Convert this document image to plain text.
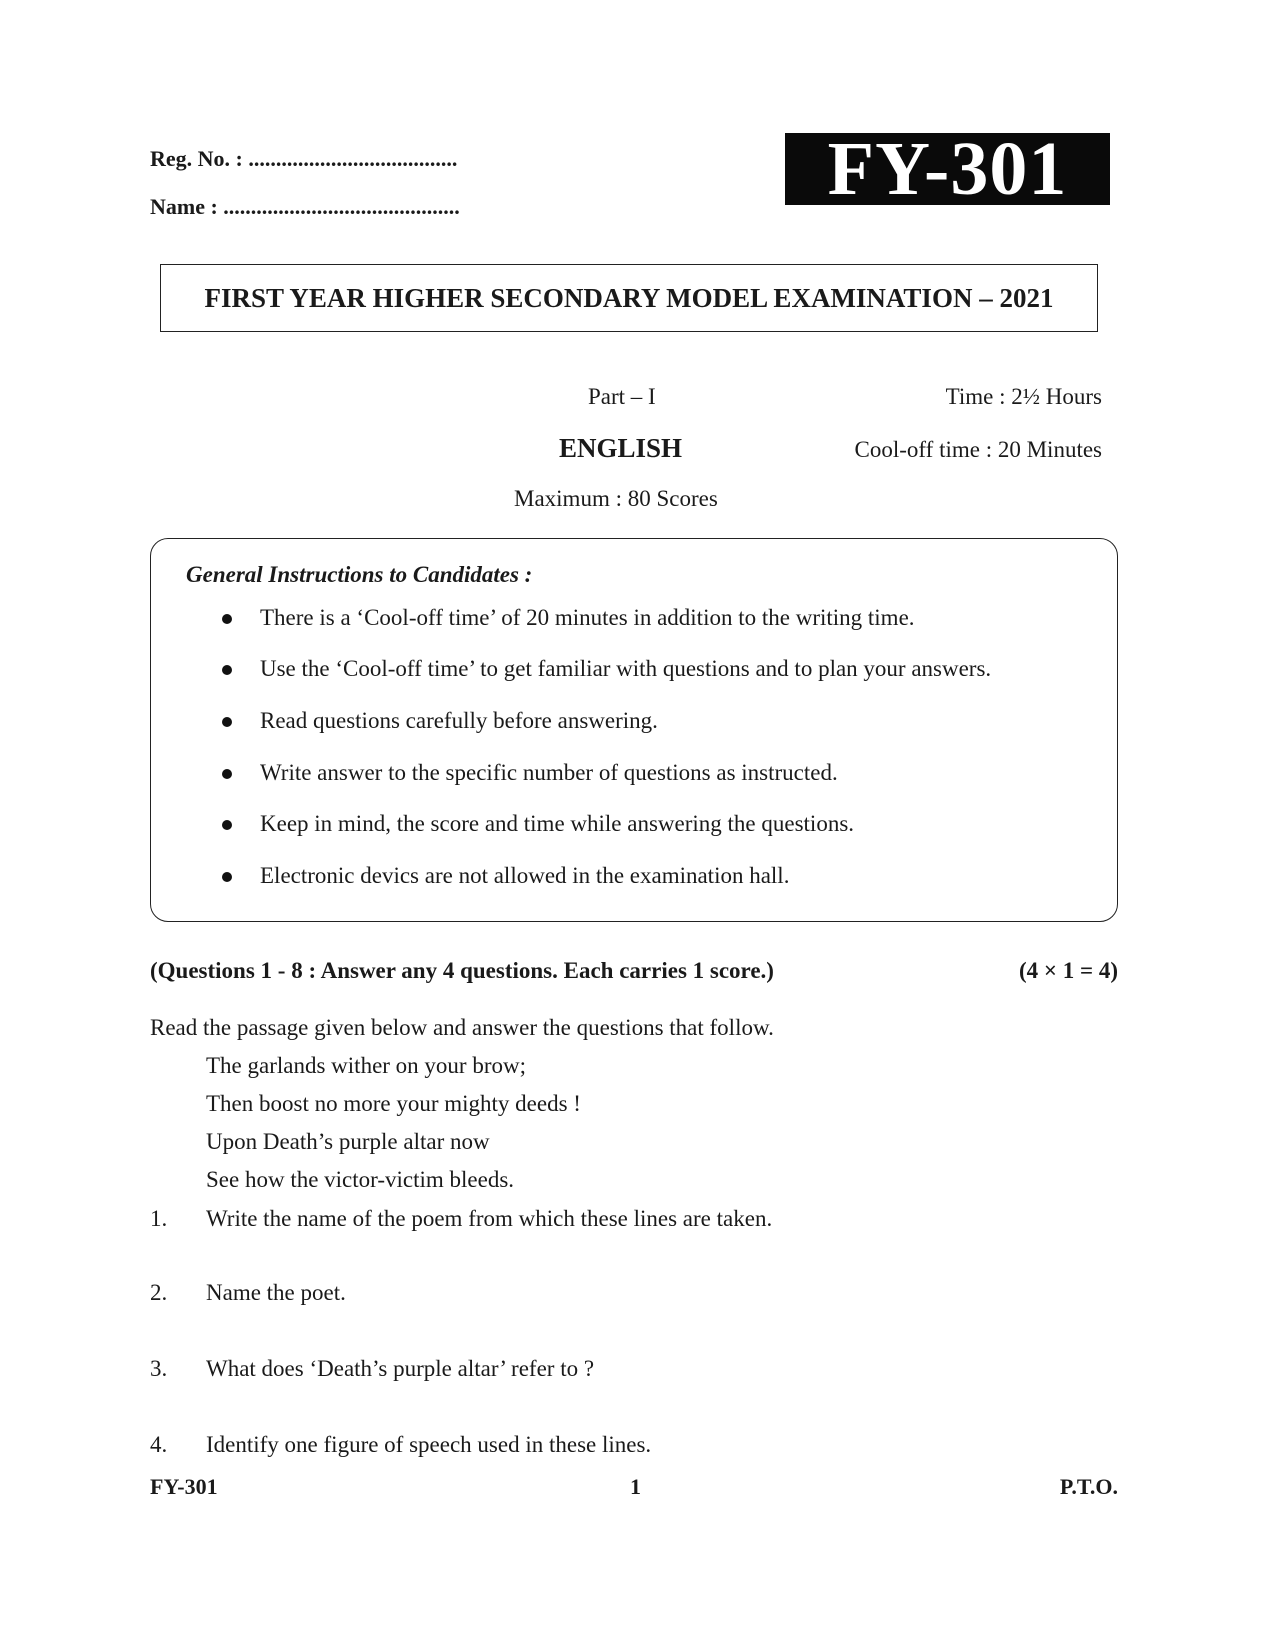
Reg. No. : ......................................
Name : ...........................................	FY-301
FIRST YEAR HIGHER SECONDARY MODEL EXAMINATION – 2021
Part – I
ENGLISH
Maximum : 80 Scores
Time : 2½ Hours
Cool-off time : 20 Minutes
General Instructions to Candidates :
There is a ‘Cool-off time’ of 20 minutes in addition to the writing time.
Use the ‘Cool-off time’ to get familiar with questions and to plan your answers.
Read questions carefully before answering.
Write answer to the specific number of questions as instructed.
Keep in mind, the score and time while answering the questions.
Electronic devics are not allowed in the examination hall.
(Questions 1 - 8 : Answer any 4 questions. Each carries 1 score.)	(4 × 1 = 4)
Read the passage given below and answer the questions that follow.
The garlands wither on your brow;
Then boost no more your mighty deeds !
Upon Death’s purple altar now
See how the victor-victim bleeds.
1. Write the name of the poem from which these lines are taken.
2. Name the poet.
3. What does ‘Death’s purple altar’ refer to ?
4. Identify one figure of speech used in these lines.
FY-301	1	P.T.O.
